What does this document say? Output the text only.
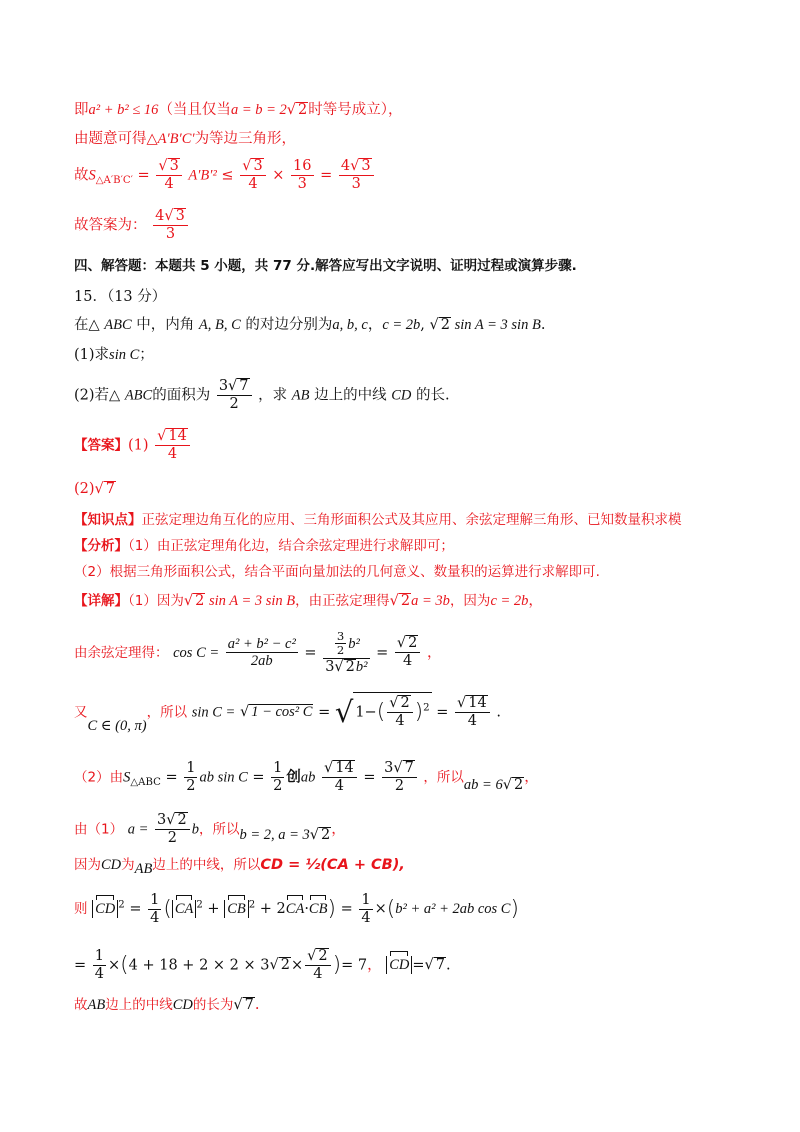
即a² + b² ≤ 16（当且仅当a = b = 2√ 2时等号成立），
由题意可得△A′B′C′为等边三角形，
故$S_{\triangle A'B'C'}$ =
√ $\frac{3}{4} A'B'^2$ ≤
√ $\frac{3}{4} \times \frac{16}{3} = \frac{4√ 3}{3}$
故答案为： $\frac{4√ 3}{3}$
四、解答题：本题共 5 小题，共 77 分.解答应写出文字说明、证明过程或演算步骤.
15．（13 分）
在△ ABC 中，内角 A, B, C 的对边分别为a, b, c，c = 2b, √ 2 sin A = 3 sin B.
(1)求sin C；
(2)若△ ABC的面积为 $\frac{3√ 7}{2}$ ，求 AB 边上的中线 CD 的长.
【答案】(1)
√ $\frac{14}{4}$
(2)√ 7
【知识点】正弦定理边角互化的应用、三角形面积公式及其应用、余弦定理解三角形、已知数量积求模
【分析】（1）由正弦定理角化边，结合余弦定理进行求解即可；
（2）根据三角形面积公式，结合平面向量加法的几何意义、数量积的运算进行求解即可.
【详解】（1）因为√ 2 sin A = 3 sin B，由正弦定理得√ 2a = 3b，因为c = 2b，
由余弦定理得： $\cos C = \frac{\text{a² + b² − c²}}{2ab} = \frac{\frac{3}{2} b^2}{\text{3√ 2b²}}$ =
√ $\frac{2}{4}$ ，
又C ∈ (0, π)，所以 sin C = √ 1 − cos² C = √ 1−(
√ $\frac{2}{4} )^2$ =
√ $\frac{14}{4}$ .
（2）由$S_{\triangle ABC} = \frac{1}{2}$ ab $\sin C = \frac{1}{2}$ 创ab
√ $\frac{14}{4} = \frac{3√ 7}{2}$ ，所以ab = 6√ 2，
由（1） $a = \frac{3√ 2}{2}$ b，所以b = 2, a = 3√ 2，
因为CD为AB边上的中线，所以CD = ½(CA + CB),
则 CD $^2 = \frac{1}{4}$ ( CA $^2$ + CB $^2 + 2CA\cdot CB) = \frac{1}{4} \times(b^2 + a^2 + 2ab$ cos C)
= $\frac{1}{4} \times(4 + 18 + 2 \times 2 \times 3√$ 2×
√ $\frac{2}{4}$ )= 7， CD =√ 7.
故AB边上的中线CD的长为√ 7.
